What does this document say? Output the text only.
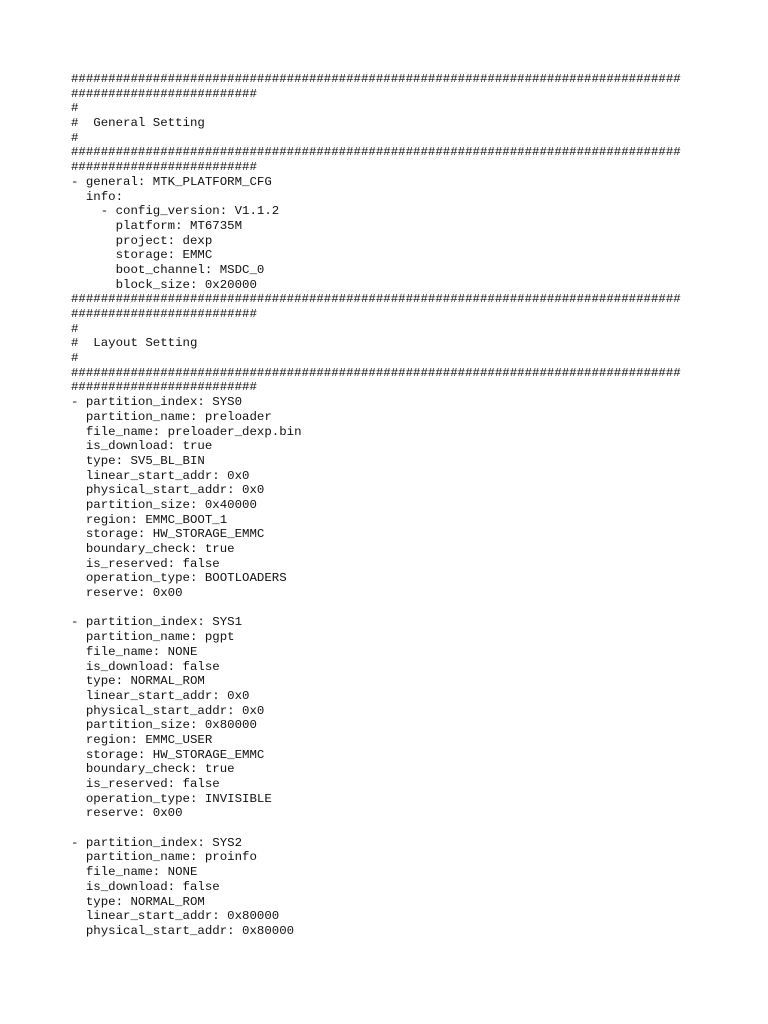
##################################################################################
#########################
#
#  General Setting
#
##################################################################################
#########################
- general: MTK_PLATFORM_CFG
info:
- config_version: V1.1.2
platform: MT6735M
project: dexp
storage: EMMC
boot_channel: MSDC_0
block_size: 0x20000
##################################################################################
#########################
#
#  Layout Setting
#
##################################################################################
#########################
- partition_index: SYS0
partition_name: preloader
file_name: preloader_dexp.bin
is_download: true
type: SV5_BL_BIN
linear_start_addr: 0x0
physical_start_addr: 0x0
partition_size: 0x40000
region: EMMC_BOOT_1
storage: HW_STORAGE_EMMC
boundary_check: true
is_reserved: false
operation_type: BOOTLOADERS
reserve: 0x00
- partition_index: SYS1
partition_name: pgpt
file_name: NONE
is_download: false
type: NORMAL_ROM
linear_start_addr: 0x0
physical_start_addr: 0x0
partition_size: 0x80000
region: EMMC_USER
storage: HW_STORAGE_EMMC
boundary_check: true
is_reserved: false
operation_type: INVISIBLE
reserve: 0x00
- partition_index: SYS2
partition_name: proinfo
file_name: NONE
is_download: false
type: NORMAL_ROM
linear_start_addr: 0x80000
physical_start_addr: 0x80000
